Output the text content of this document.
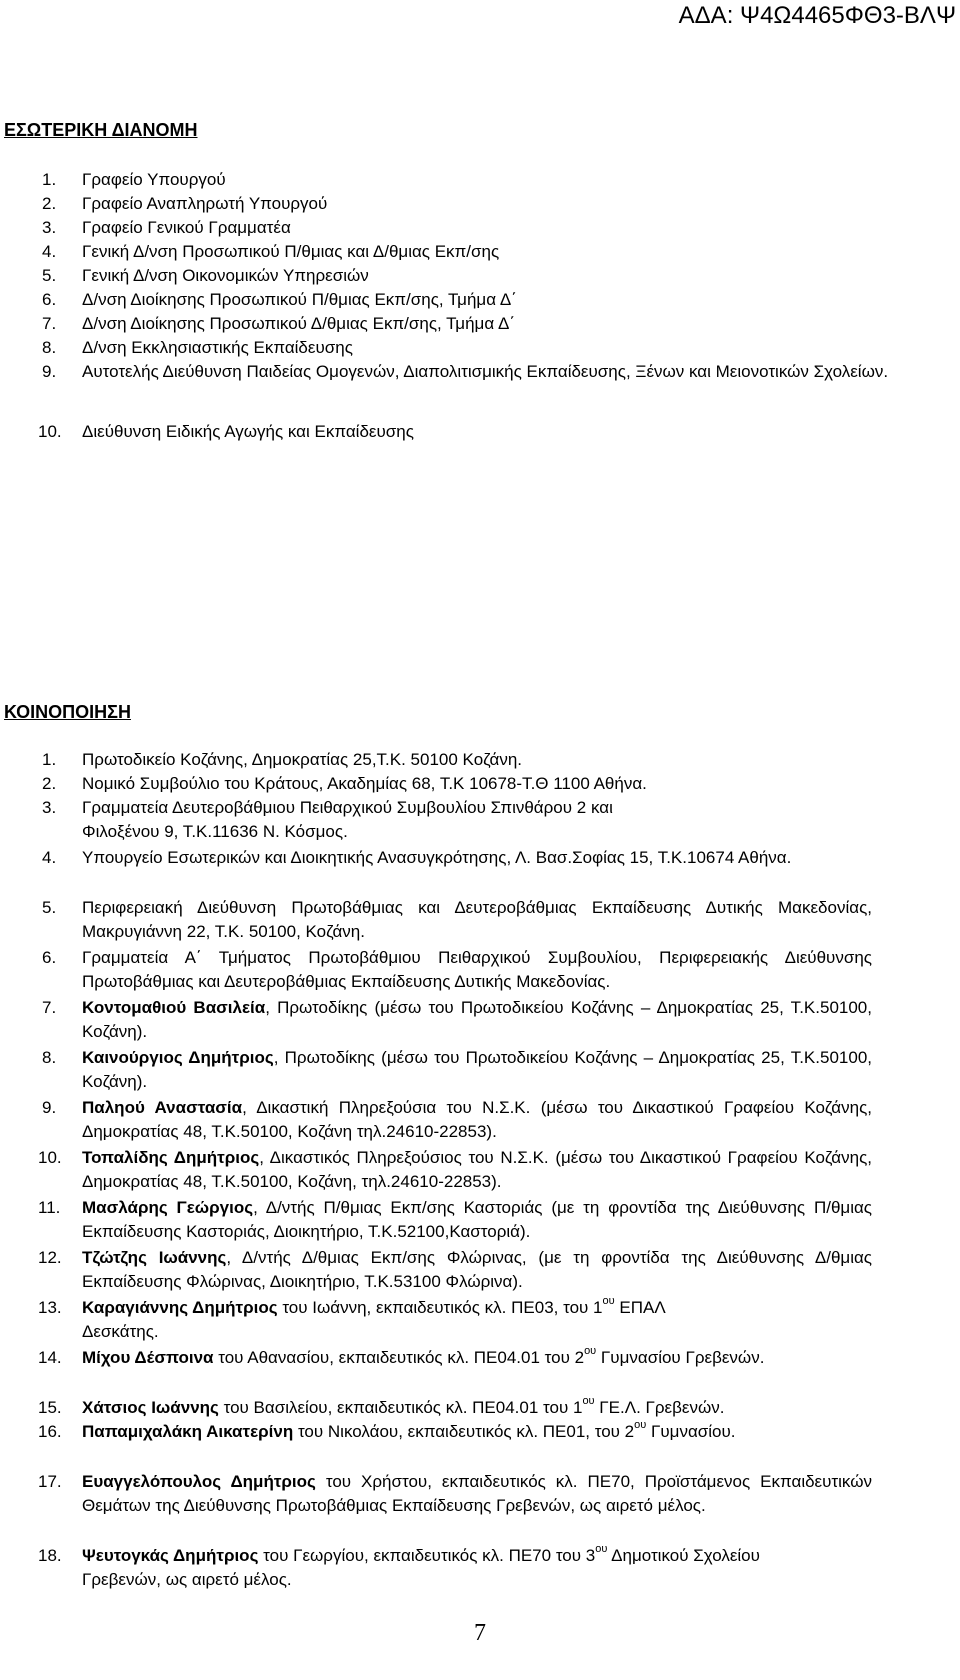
ΑΔΑ: Ψ4Ω4465ΦΘ3-ΒΛΨ
ΕΣΩΤΕΡΙΚΗ ΔΙΑΝΟΜΗ
1. Γραφείο Υπουργού
2. Γραφείο Αναπληρωτή Υπουργού
3. Γραφείο Γενικού Γραμματέα
4. Γενική Δ/νση Προσωπικού Π/θμιας και Δ/θμιας Εκπ/σης
5. Γενική Δ/νση Οικονομικών Υπηρεσιών
6. Δ/νση Διοίκησης Προσωπικού Π/θμιας Εκπ/σης, Τμήμα Δ΄
7. Δ/νση Διοίκησης Προσωπικού Δ/θμιας Εκπ/σης, Τμήμα Δ΄
8. Δ/νση Εκκλησιαστικής Εκπαίδευσης
9. Αυτοτελής Διεύθυνση Παιδείας Ομογενών, Διαπολιτισμικής Εκπαίδευσης, Ξένων και Μειονοτικών Σχολείων.
10. Διεύθυνση Ειδικής Αγωγής και Εκπαίδευσης
ΚΟΙΝΟΠΟΙΗΣΗ
1. Πρωτοδικείο Κοζάνης, Δημοκρατίας 25,Τ.Κ. 50100 Κοζάνη.
2. Νομικό Συμβούλιο του Κράτους, Ακαδημίας 68, Τ.Κ 10678-Τ.Θ 1100 Αθήνα.
3. Γραμματεία Δευτεροβάθμιου Πειθαρχικού Συμβουλίου Σπινθάρου 2 και Φιλοξένου 9, Τ.Κ.11636 Ν. Κόσμος.
4. Υπουργείο Εσωτερικών και Διοικητικής Ανασυγκρότησης, Λ. Βασ.Σοφίας 15, Τ.Κ.10674 Αθήνα.
5. Περιφερειακή Διεύθυνση Πρωτοβάθμιας και Δευτεροβάθμιας Εκπαίδευσης Δυτικής Μακεδονίας, Μακρυγιάννη 22, Τ.Κ. 50100, Κοζάνη.
6. Γραμματεία Α΄ Τμήματος Πρωτοβάθμιου Πειθαρχικού Συμβουλίου, Περιφερειακής Διεύθυνσης Πρωτοβάθμιας και Δευτεροβάθμιας Εκπαίδευσης Δυτικής Μακεδονίας.
7. Κοντομαθιού Βασιλεία, Πρωτοδίκης (μέσω του Πρωτοδικείου Κοζάνης – Δημοκρατίας 25, Τ.Κ.50100, Κοζάνη).
8. Καινούργιος Δημήτριος, Πρωτοδίκης (μέσω του Πρωτοδικείου Κοζάνης – Δημοκρατίας 25, Τ.Κ.50100, Κοζάνη).
9. Παληού Αναστασία, Δικαστική Πληρεξούσια του Ν.Σ.Κ. (μέσω του Δικαστικού Γραφείου Κοζάνης, Δημοκρατίας 48, Τ.Κ.50100, Κοζάνη τηλ.24610-22853).
10. Τοπαλίδης Δημήτριος, Δικαστικός Πληρεξούσιος του Ν.Σ.Κ. (μέσω του Δικαστικού Γραφείου Κοζάνης, Δημοκρατίας 48, Τ.Κ.50100, Κοζάνη, τηλ.24610-22853).
11. Μασλάρης Γεώργιος, Δ/ντής Π/θμιας Εκπ/σης Καστοριάς (με τη φροντίδα της Διεύθυνσης Π/θμιας Εκπαίδευσης Καστοριάς, Διοικητήριο, Τ.Κ.52100,Καστοριά).
12. Τζώτζης Ιωάννης, Δ/ντής Δ/θμιας Εκπ/σης Φλώρινας, (με τη φροντίδα της Διεύθυνσης Δ/θμιας Εκπαίδευσης Φλώρινας, Διοικητήριο, Τ.Κ.53100 Φλώρινα).
13. Καραγιάννης Δημήτριος του Ιωάννη, εκπαιδευτικός κλ. ΠΕ03, του $1^{o\upsilon}$ ΕΠΑΛ Δεσκάτης.
14. Μίχου Δέσποινα του Αθανασίου, εκπαιδευτικός κλ. ΠΕ04.01 του $2^{o\upsilon}$ Γυμνασίου Γρεβενών.
15. Χάτσιος Ιωάννης του Βασιλείου, εκπαιδευτικός κλ. ΠΕ04.01 του $1^{o\upsilon}$ ΓΕ.Λ. Γρεβενών.
16. Παπαμιχαλάκη Αικατερίνη του Νικολάου, εκπαιδευτικός κλ. ΠΕ01, του $2^{o\upsilon}$ Γυμνασίου.
17. Ευαγγελόπουλος Δημήτριος του Χρήστου, εκπαιδευτικός κλ. ΠΕ70, Προϊστάμενος Εκπαιδευτικών Θεμάτων της Διεύθυνσης Πρωτοβάθμιας Εκπαίδευσης Γρεβενών, ως αιρετό μέλος.
18. Ψευτογκάς Δημήτριος του Γεωργίου, εκπαιδευτικός κλ. ΠΕ70 του $3^{o\upsilon}$ Δημοτικού Σχολείου Γρεβενών, ως αιρετό μέλος.
7
